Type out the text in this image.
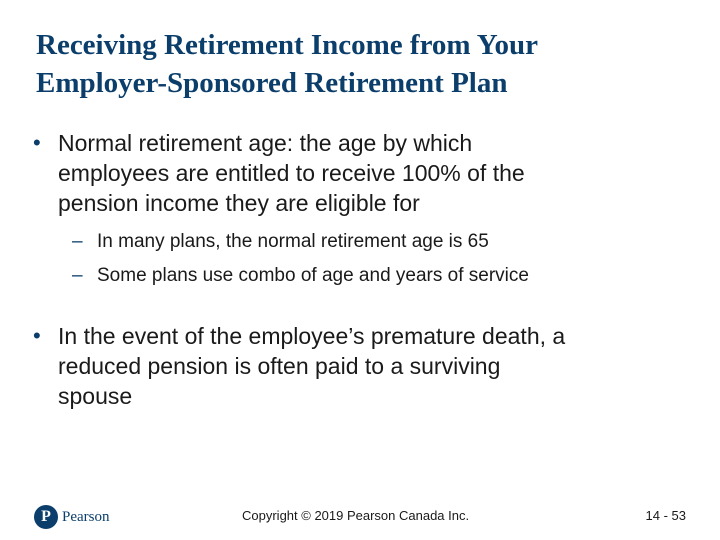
Receiving Retirement Income from Your
Employer-Sponsored Retirement Plan
• Normal retirement age: the age by which
employees are entitled to receive 100% of the
pension income they are eligible for
– In many plans, the normal retirement age is 65
– Some plans use combo of age and years of service
• In the event of the employee’s premature death, a
reduced pension is often paid to a surviving
spouse
P Pearson	Copyright © 2019 Pearson Canada Inc.	14 - 53
